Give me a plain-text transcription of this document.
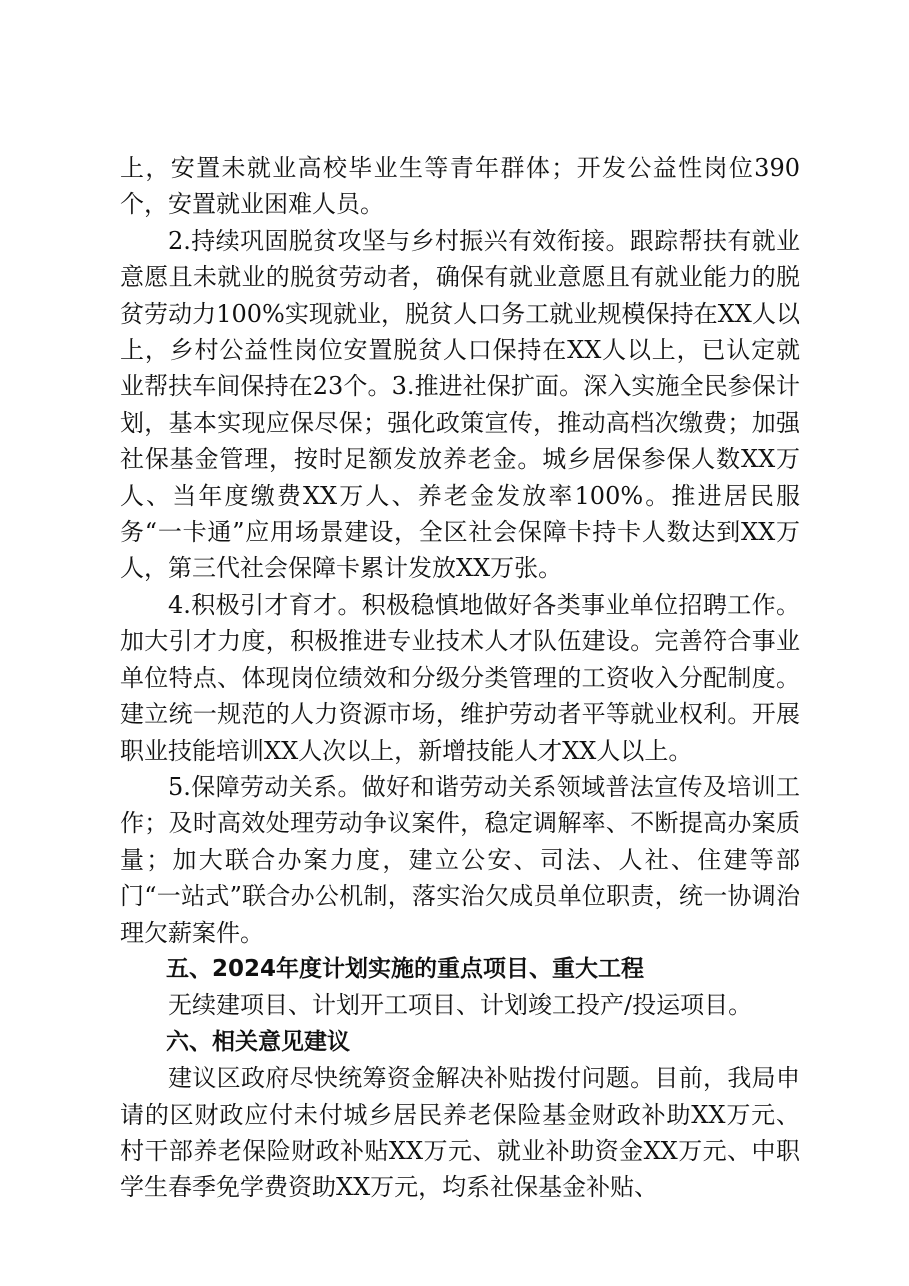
上，安置未就业高校毕业生等青年群体；开发公益性岗位390个，安置就业困难人员。

2.持续巩固脱贫攻坚与乡村振兴有效衔接。跟踪帮扶有就业意愿且未就业的脱贫劳动者，确保有就业意愿且有就业能力的脱贫劳动力100%实现就业，脱贫人口务工就业规模保持在XX人以上，乡村公益性岗位安置脱贫人口保持在XX人以上，已认定就业帮扶车间保持在23个。3.推进社保扩面。深入实施全民参保计划，基本实现应保尽保；强化政策宣传，推动高档次缴费；加强社保基金管理，按时足额发放养老金。城乡居保参保人数XX万人、当年度缴费XX万人、养老金发放率100%。推进居民服务“一卡通”应用场景建设，全区社会保障卡持卡人数达到XX万人，第三代社会保障卡累计发放XX万张。

4.积极引才育才。积极稳慎地做好各类事业单位招聘工作。加大引才力度，积极推进专业技术人才队伍建设。完善符合事业单位特点、体现岗位绩效和分级分类管理的工资收入分配制度。建立统一规范的人力资源市场，维护劳动者平等就业权利。开展职业技能培训XX人次以上，新增技能人才XX人以上。

5.保障劳动关系。做好和谐劳动关系领域普法宣传及培训工作；及时高效处理劳动争议案件，稳定调解率、不断提高办案质量；加大联合办案力度，建立公安、司法、人社、住建等部门“一站式”联合办公机制，落实治欠成员单位职责，统一协调治理欠薪案件。

五、2024年度计划实施的重点项目、重大工程

无续建项目、计划开工项目、计划竣工投产/投运项目。

六、相关意见建议

建议区政府尽快统筹资金解决补贴拨付问题。目前，我局申请的区财政应付未付城乡居民养老保险基金财政补助XX万元、村干部养老保险财政补贴XX万元、就业补助资金XX万元、中职学生春季免学费资助XX万元，均系社保基金补贴、
